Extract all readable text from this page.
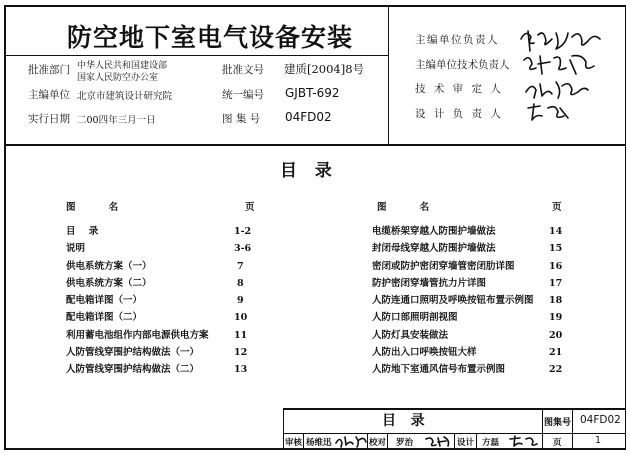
防空地下室电气设备安装
批准部门 中华人民共和国建设部
国家人民防空办公室
批准文号 建质[2004]8号
主编单位 北京市建筑设计研究院	统一编号 GJBT-692
实行日期 二00四年三月一日	图 集 号 04FD02
主编单位负责人
主编单位技术负责人
技 术 审 定 人
设 计 负 责 人
目   录
图          名	页	图          名	页
目    录	1-2
说明	3-6
供电系统方案（一）	7
供电系统方案（二）	8
配电箱详图（一）	9
配电箱详图（二）	10
利用蓄电池组作内部电源供电方案	11
人防管线穿围护结构做法（一）	12
人防管线穿围护结构做法（二）	13
电缆桥架穿越人防围护墙做法	14
封闭母线穿越人防围护墙做法	15
密闭或防护密闭穿墙管密闭肋详图	16
防护密闭穿墙管抗力片详图	17
人防连通口照明及呼唤按钮布置示例图 18
人防口部照明剖视图	19
人防灯具安装做法	20
人防出入口呼唤按钮大样	21
人防地下室通风信号布置示例图	22
目   录	图集号 04FD02
审核 杨维迅	校对 罗治	设计 方磊	页	1
